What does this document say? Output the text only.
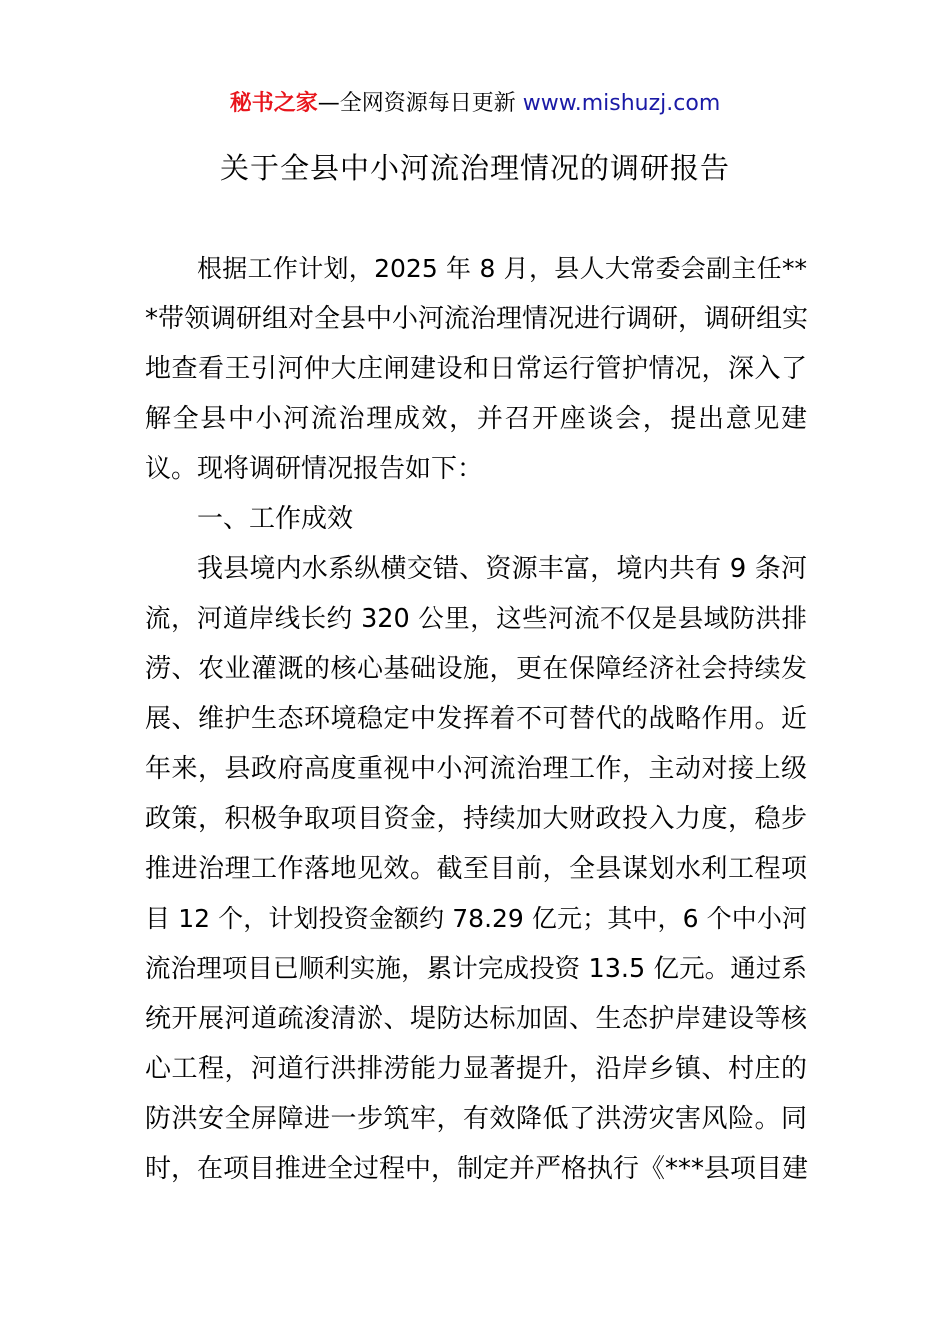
秘书之家—全网资源每日更新 www.mishuzj.com
关于全县中小河流治理情况的调研报告
根据工作计划，2025 年 8 月，县人大常委会副主任**
*带领调研组对全县中小河流治理情况进行调研，调研组实
地查看王引河仲大庄闸建设和日常运行管护情况，深入了
解全县中小河流治理成效，并召开座谈会，提出意见建
议。现将调研情况报告如下：
一、工作成效
我县境内水系纵横交错、资源丰富，境内共有 9 条河
流，河道岸线长约 320 公里，这些河流不仅是县域防洪排
涝、农业灌溉的核心基础设施，更在保障经济社会持续发
展、维护生态环境稳定中发挥着不可替代的战略作用。近
年来，县政府高度重视中小河流治理工作，主动对接上级
政策，积极争取项目资金，持续加大财政投入力度，稳步
推进治理工作落地见效。截至目前，全县谋划水利工程项
目 12 个，计划投资金额约 78.29 亿元；其中，6 个中小河
流治理项目已顺利实施，累计完成投资 13.5 亿元。通过系
统开展河道疏浚清淤、堤防达标加固、生态护岸建设等核
心工程，河道行洪排涝能力显著提升，沿岸乡镇、村庄的
防洪安全屏障进一步筑牢，有效降低了洪涝灾害风险。同
时，在项目推进全过程中，制定并严格执行《***县项目建
